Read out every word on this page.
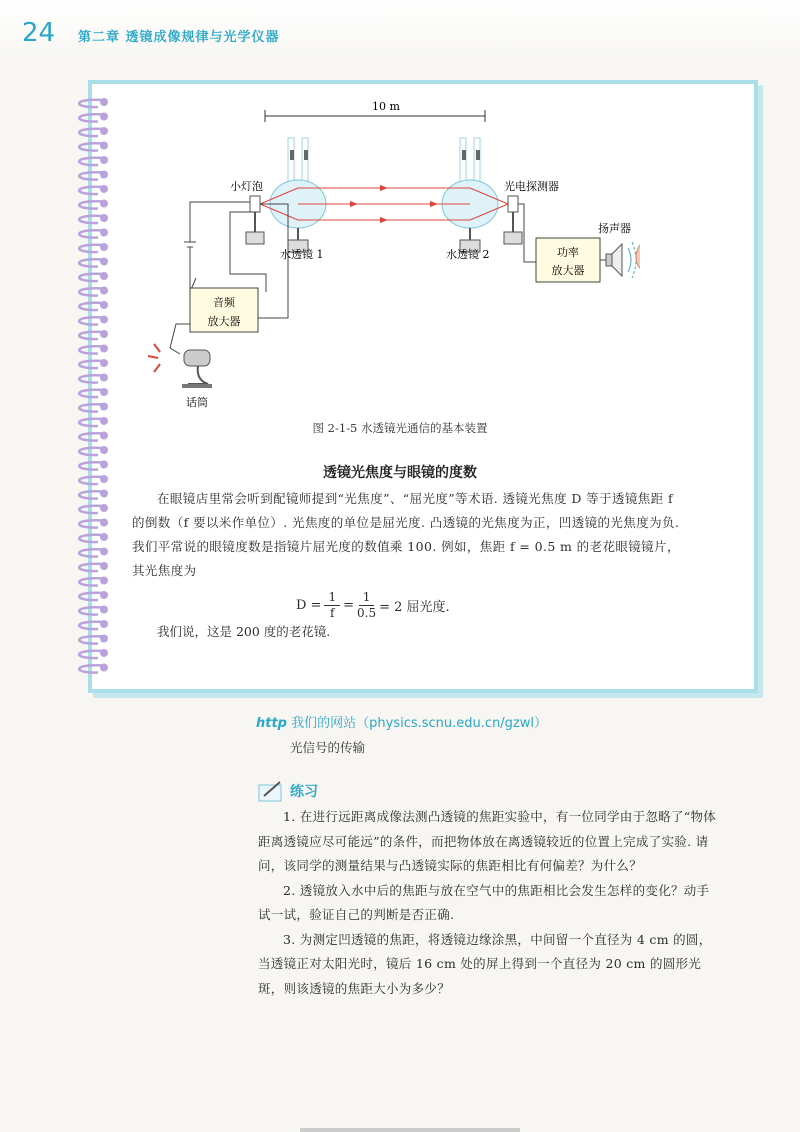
24 第二章 透镜成像规律与光学仪器
10 m
音频
放大器
话筒
功率
放大器
小灯泡	光电探测器
水透镜 1	水透镜 2
扬声器
图 2-1-5 水透镜光通信的基本装置
透镜光焦度与眼镜的度数
在眼镜店里常会听到配镜师提到“光焦度”、“屈光度”等术语. 透镜光焦度 D 等于透镜焦距 f 的倒数（f 要以米作单位）. 光焦度的单位是屈光度. 凸透镜的光焦度为正，凹透镜的光焦度为负. 我们平常说的眼镜度数是指镜片屈光度的数值乘 100. 例如，焦距 f = 0.5 m 的老花眼镜镜片，其光焦度为
$D = \frac{1}{f} = \frac{1}{0.5} = 2$ 屈光度.
我们说，这是 200 度的老花镜.
http 我们的网站（physics.scnu.edu.cn/gzwl）
光信号的传输
练习

1. 在进行远距离成像法测凸透镜的焦距实验中，有一位同学由于忽略了“物体距离透镜应尽可能远”的条件，而把物体放在离透镜较近的位置上完成了实验. 请问，该同学的测量结果与凸透镜实际的焦距相比有何偏差？为什么？

2. 透镜放入水中后的焦距与放在空气中的焦距相比会发生怎样的变化？动手试一试，验证自己的判断是否正确.

3. 为测定凹透镜的焦距，将透镜边缘涂黑，中间留一个直径为 4 cm 的圆，当透镜正对太阳光时，镜后 16 cm 处的屏上得到一个直径为 20 cm 的圆形光斑，则该透镜的焦距大小为多少？
